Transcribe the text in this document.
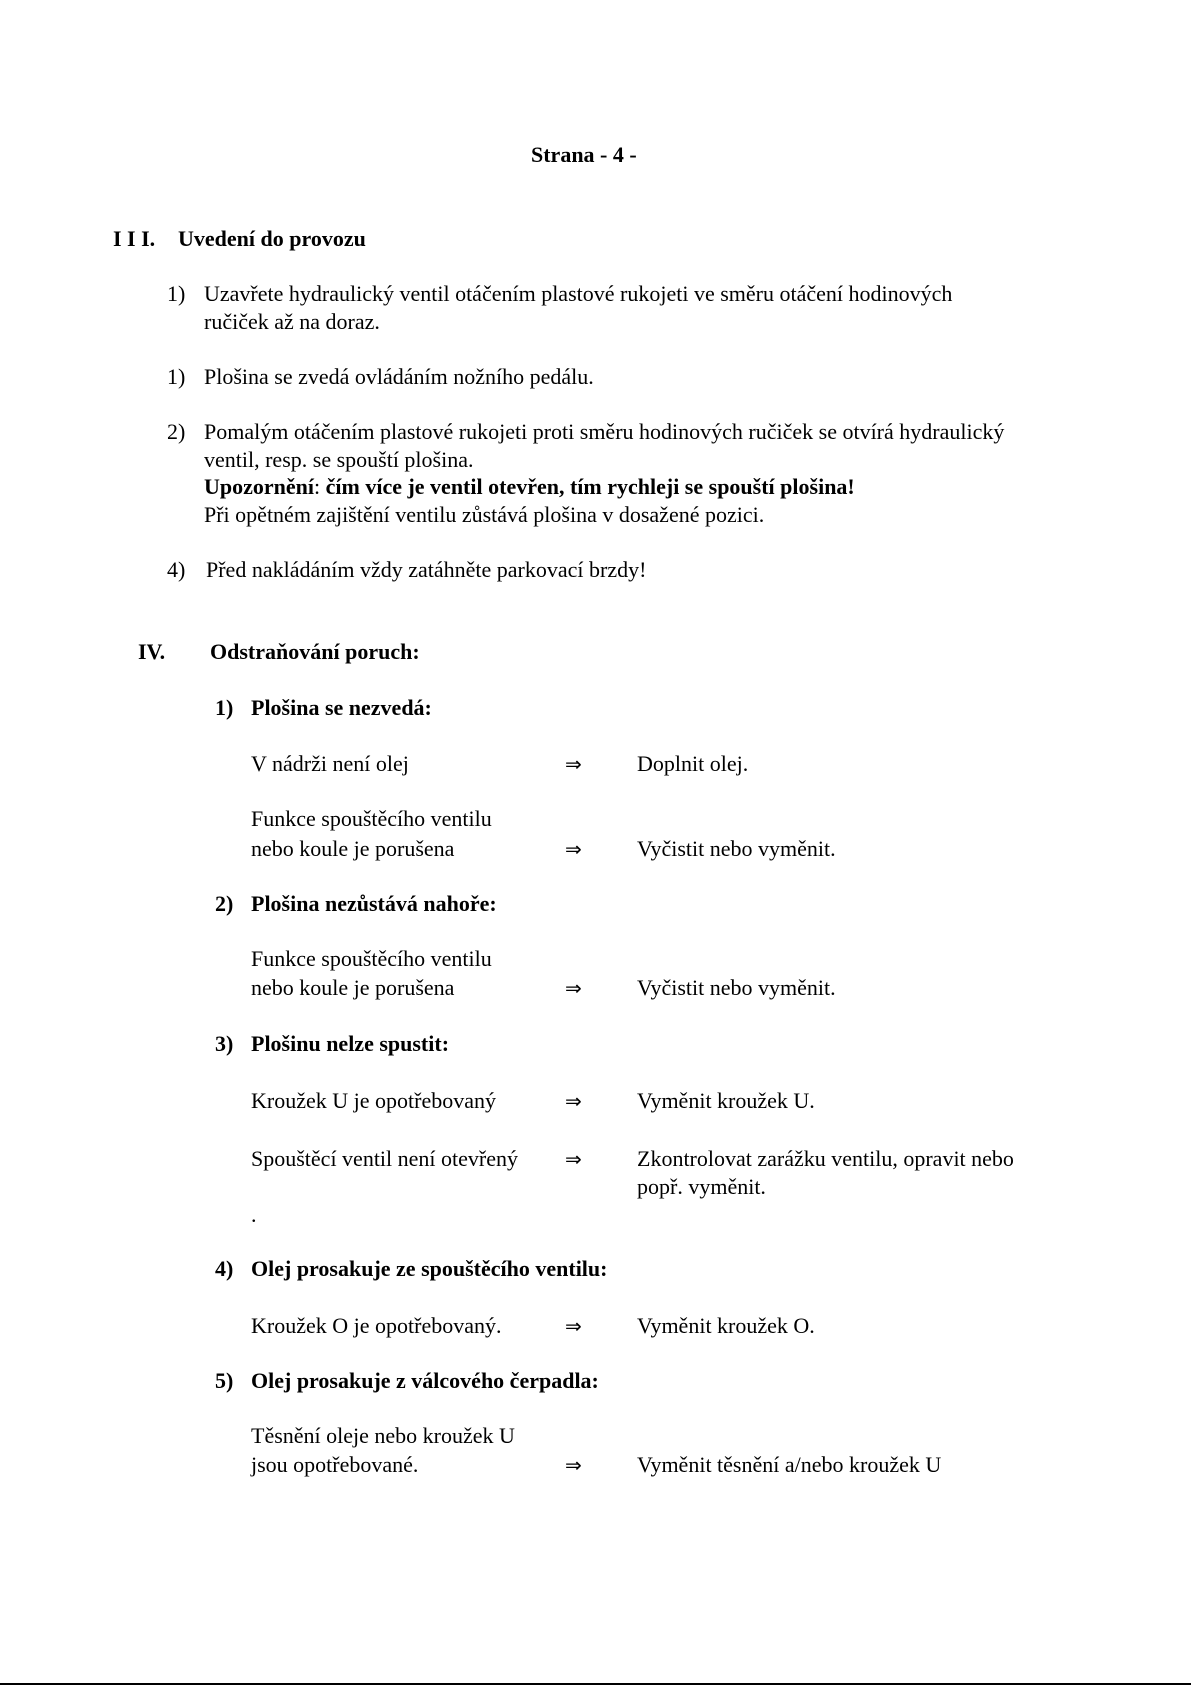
Strana - 4 -
I I I. Uvedení do provozu
1) Uzavřete hydraulický ventil otáčením plastové rukojeti ve směru otáčení hodinových
ručiček až na doraz.
1) Plošina se zvedá ovládáním nožního pedálu.
2) Pomalým otáčením plastové rukojeti proti směru hodinových ručiček se otvírá hydraulický
ventil, resp. se spouští plošina.
Upozornění: čím více je ventil otevřen, tím rychleji se spouští plošina!
Při opětném zajištění ventilu zůstává plošina v dosažené pozici.
4) Před nakládáním vždy zatáhněte parkovací brzdy!
IV. Odstraňování poruch:
1) Plošina se nezvedá:
V nádrži není olej	⇒	Doplnit olej.
Funkce spouštěcího ventilu
nebo koule je porušena	⇒	Vyčistit nebo vyměnit.
2) Plošina nezůstává nahoře:
Funkce spouštěcího ventilu
nebo koule je porušena	⇒	Vyčistit nebo vyměnit.
3) Plošinu nelze spustit:
Kroužek U je opotřebovaný	⇒	Vyměnit kroužek U.
Spouštěcí ventil není otevřený ⇒	Zkontrolovat zarážku ventilu, opravit nebo
popř. vyměnit.
.
4) Olej prosakuje ze spouštěcího ventilu:
Kroužek O je opotřebovaný.	⇒	Vyměnit kroužek O.
5) Olej prosakuje z válcového čerpadla:
Těsnění oleje nebo kroužek U
jsou opotřebované.	⇒	Vyměnit těsnění a/nebo kroužek U
